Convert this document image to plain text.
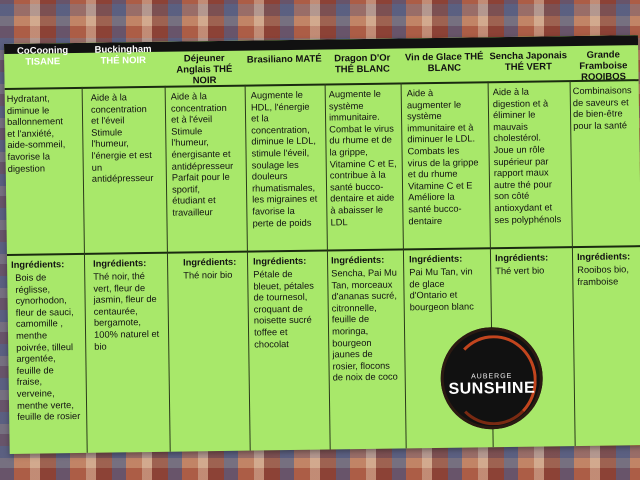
CoCooning TISANE
Hydratant,
diminue le
ballonnement
et l'anxiété,
aide-sommeil,
favorise la
digestion
Ingrédients:
Bois de
réglisse,
cynorhodon,
fleur de sauci,
camomille ,
menthe
poivrée, tilleul
argentée,
feuille de
fraise,
verveine,
menthe verte,
feuille de rosier
Buckingham THÉ NOIR
Aide à la
concentration
et l'éveil
Stimule
l'humeur,
l'énergie et est
un
antidépresseur
Ingrédients:
Thé noir, thé
vert, fleur de
jasmin, fleur de
centaurée,
bergamote,
100% naturel et
bio
Déjeuner Anglais THÉ NOIR
Aide à la
concentration
et à l'éveil
Stimule
l'humeur,
énergisante et
antidépresseur
Parfait pour le
sportif,
étudiant et
travailleur
Ingrédients:
Thé noir bio
Brasiliano MATÉ
Augmente le
HDL, l'énergie
et la
concentration,
diminue le LDL,
stimule l'éveil,
soulage les
douleurs
rhumatismales,
les migraines et
favorise la
perte de poids
Ingrédients:
Pétale de
bleuet, pétales
de tournesol,
croquant de
noisette sucré
toffee et
chocolat
Dragon D'Or THÉ BLANC
Augmente le
système
immunitaire.
Combat le virus
du rhume et de
la grippe,
Vitamine C et E,
contribue à la
santé bucco-
dentaire et aide
à abaisser le
LDL
Ingrédients:
Sencha, Pai Mu
Tan, morceaux
d'ananas sucré,
citronnelle,
feuille de
moringa,
bourgeon
jaunes de
rosier, flocons
de noix de coco
Vin de Glace THÉ BLANC
Aide à
augmenter le
système
immunitaire et à
diminuer le LDL.
Combats les
virus de la grippe
et du rhume
Vitamine C et E
Améliore la
santé bucco-
dentaire
Ingrédients:
Pai Mu Tan, vin
de glace
d'Ontario et
bourgeon blanc
Sencha Japonais THÉ VERT
Aide à la
digestion et à
éliminer le
mauvais
cholestérol.
Joue un rôle
supérieur par
rapport maux
autre thé pour
son côté
antioxydant et
ses polyphénols
Ingrédients:
Thé vert bio
Grande Framboise ROOIBOS
Combinaisons
de saveurs et
de bien-être
pour la santé
Ingrédients:
Rooibos bio,
framboise
AUBERGE
SUNSHINE
